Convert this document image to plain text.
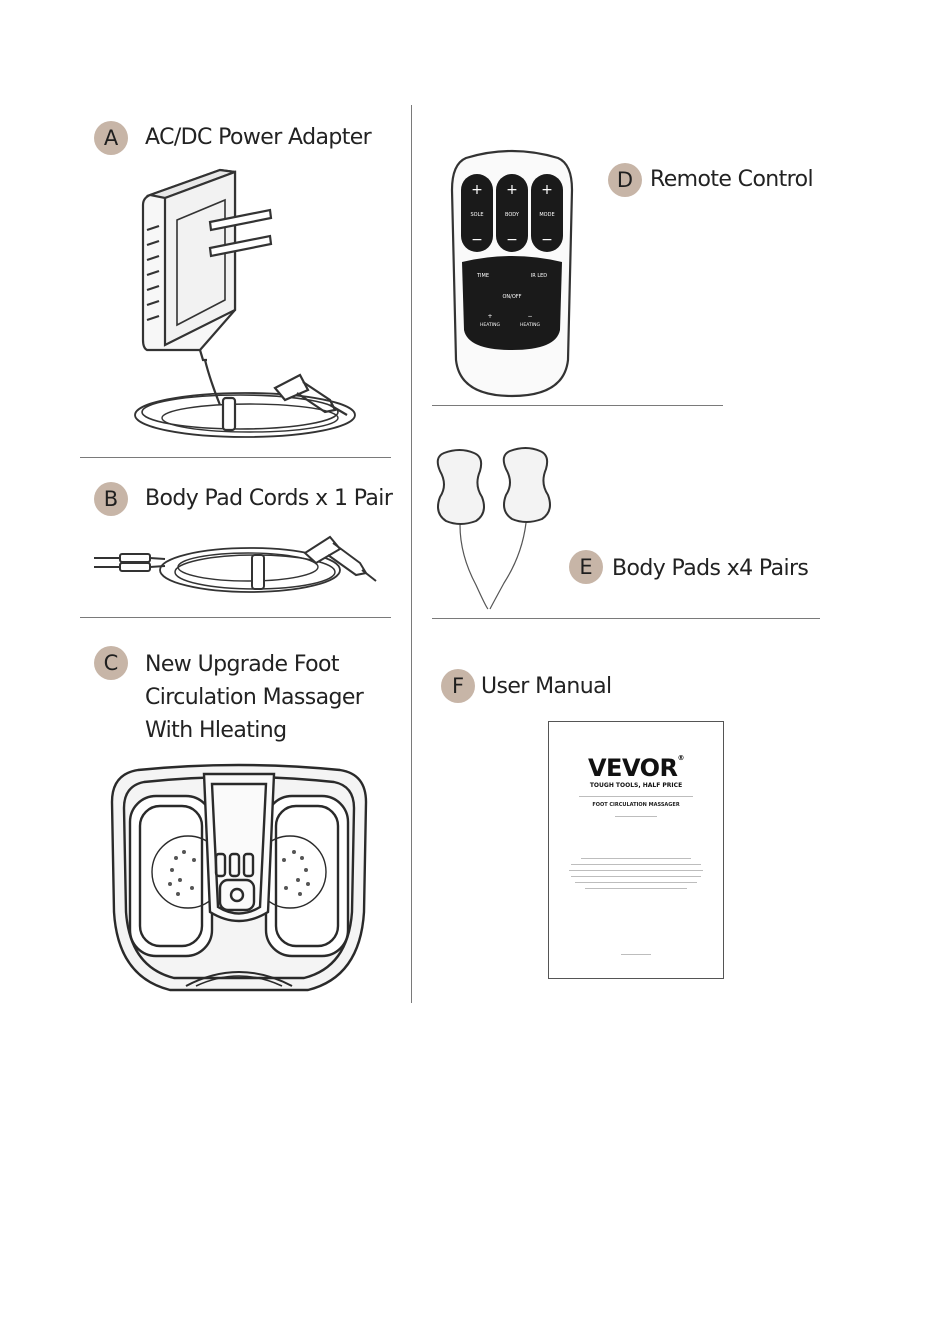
A	AC/DC Power Adapter
B	Body Pad Cords x 1 Pair
C	New Upgrade Foot
Circulation Massager
With Hleating
D Remote Control
+ + +
SOLE	BODY	MODE
− − −
TIME	IR LED
ON/OFF
+
HEATING
−
HEATING
E Body Pads x4 Pairs
F User Manual
VEVOR®
TOUGH TOOLS, HALF PRICE
FOOT CIRCULATION MASSAGER
